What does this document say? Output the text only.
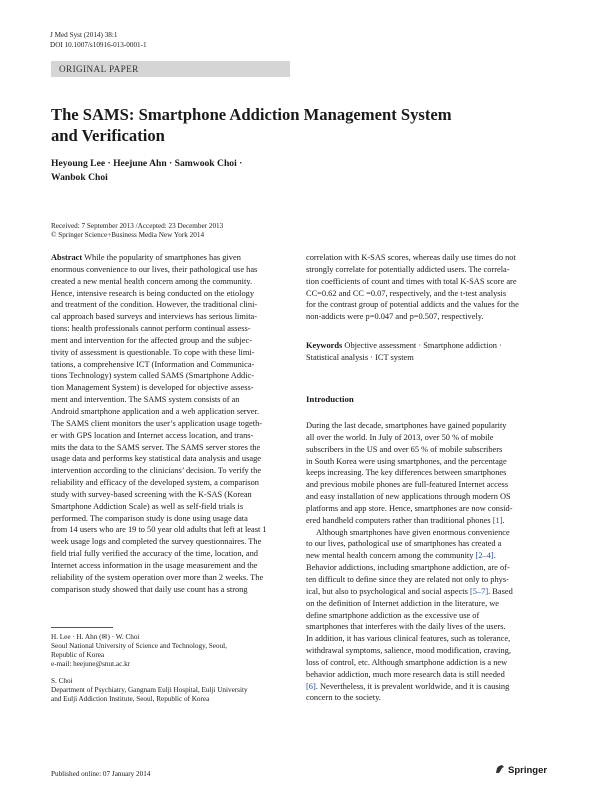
J Med Syst (2014) 38:1
DOI 10.1007/s10916-013-0001-1
ORIGINAL PAPER
The SAMS: Smartphone Addiction Management System
and Verification
Heyoung Lee · Heejune Ahn · Samwook Choi ·
Wanbok Choi
Received: 7 September 2013 /Accepted: 23 December 2013
© Springer Science+Business Media New York 2014

Abstract While the popularity of smartphones has given

enormous convenience to our lives, their pathological use has

created a new mental health concern among the community.

Hence, intensive research is being conducted on the etiology

and treatment of the condition. However, the traditional clini-

cal approach based surveys and interviews has serious limita-

tions: health professionals cannot perform continual assess-

ment and intervention for the affected group and the subjec-

tivity of assessment is questionable. To cope with these limi-

tations, a comprehensive ICT (Information and Communica-

tions Technology) system called SAMS (Smartphone Addic-

tion Management System) is developed for objective assess-

ment and intervention. The SAMS system consists of an

Android smartphone application and a web application server.

The SAMS client monitors the user’s application usage togeth-

er with GPS location and Internet access location, and trans-

mits the data to the SAMS server. The SAMS server stores the

usage data and performs key statistical data analysis and usage

intervention according to the clinicians’ decision. To verify the

reliability and efficacy of the developed system, a comparison

study with survey-based screening with the K-SAS (Korean

Smartphone Addiction Scale) as well as self-field trials is

performed. The comparison study is done using usage data

from 14 users who are 19 to 50 year old adults that left at least 1

week usage logs and completed the survey questionnaires. The

field trial fully verified the accuracy of the time, location, and

Internet access information in the usage measurement and the

reliability of the system operation over more than 2 weeks. The

comparison study showed that daily use count has a strong

H. Lee · H. Ahn (✉) · W. Choi
Seoul National University of Science and Technology, Seoul,
Republic of Korea
e-mail: heejune@snut.ac.kr
S. Choi
Department of Psychiatry, Gangnam Eulji Hospital, Eulji University
and Eulji Addiction Institute, Seoul, Republic of Korea
Published online: 07 January 2014	Springer

correlation with K-SAS scores, whereas daily use times do not

strongly correlate for potentially addicted users. The correla-

tion coefficients of count and times with total K-SAS score are

CC=0.62 and CC =0.07, respectively, and the t-test analysis

for the contrast group of potential addicts and the values for the

non-addicts were p=0.047 and p=0.507, respectively.

Keywords Objective assessment · Smartphone addiction ·

Statistical analysis · ICT system

Introduction

During the last decade, smartphones have gained popularity

all over the world. In July of 2013, over 50 % of mobile

subscribers in the US and over 65 % of mobile subscribers

in South Korea were using smartphones, and the percentage

keeps increasing. The key differences between smartphones

and previous mobile phones are full-featured Internet access

and easy installation of new applications through modern OS

platforms and app store. Hence, smartphones are now consid-

ered handheld computers rather than traditional phones [1].

Although smartphones have given enormous convenience

to our lives, pathological use of smartphones has created a

new mental health concern among the community [2–4].

Behavior addictions, including smartphone addiction, are of-

ten difficult to define since they are related not only to phys-

ical, but also to psychological and social aspects [5–7]. Based

on the definition of Internet addiction in the literature, we

define smartphone addiction as the excessive use of

smartphones that interferes with the daily lives of the users.

In addition, it has various clinical features, such as tolerance,

withdrawal symptoms, salience, mood modification, craving,

loss of control, etc. Although smartphone addiction is a new

behavior addiction, much more research data is still needed

[6]. Nevertheless, it is prevalent worldwide, and it is causing

concern to the society.
